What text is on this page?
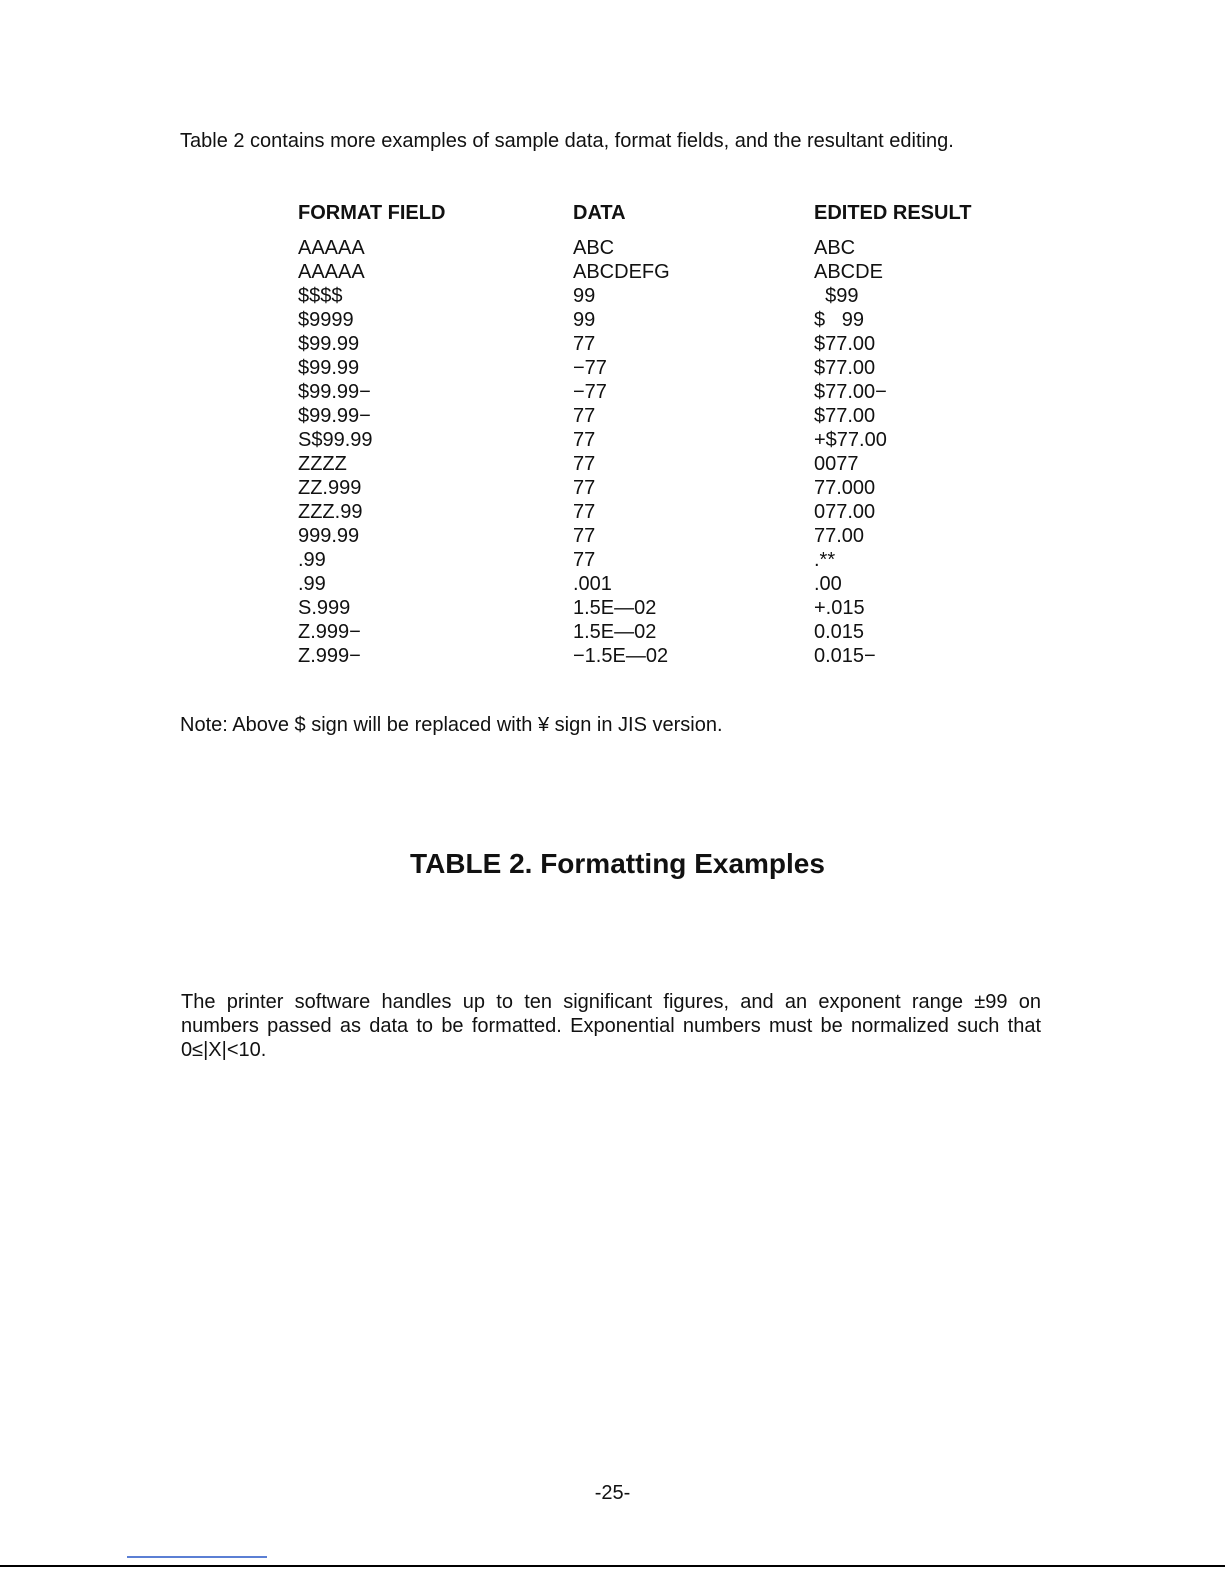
Table 2 contains more examples of sample data, format fields, and the resultant editing.
FORMAT FIELD	DATA	EDITED RESULT
AAAAA	ABC	ABC
AAAAA	ABCDEFG	ABCDE
$$$$	99	$99
$9999	99	$   99
$99.99	77	$77.00
$99.99	−77	$77.00
$99.99−	−77	$77.00−
$99.99−	77	$77.00
S$99.99	77	+$77.00
ZZZZ	77	0077
ZZ.999	77	77.000
ZZZ.99	77	077.00
999.99	77	77.00
.99	77	.**
.99	.001	.00
S.999	1.5E—02	+.015
Z.999−	1.5E—02	0.015
Z.999−	−1.5E—02	0.015−
Note: Above $ sign will be replaced with ¥ sign in JIS version.
TABLE 2. Formatting Examples
The printer software handles up to ten significant figures, and an exponent range ±99 on numbers passed as data to be formatted. Exponential numbers must be normalized such that 0≤|X|<10.
-25-
